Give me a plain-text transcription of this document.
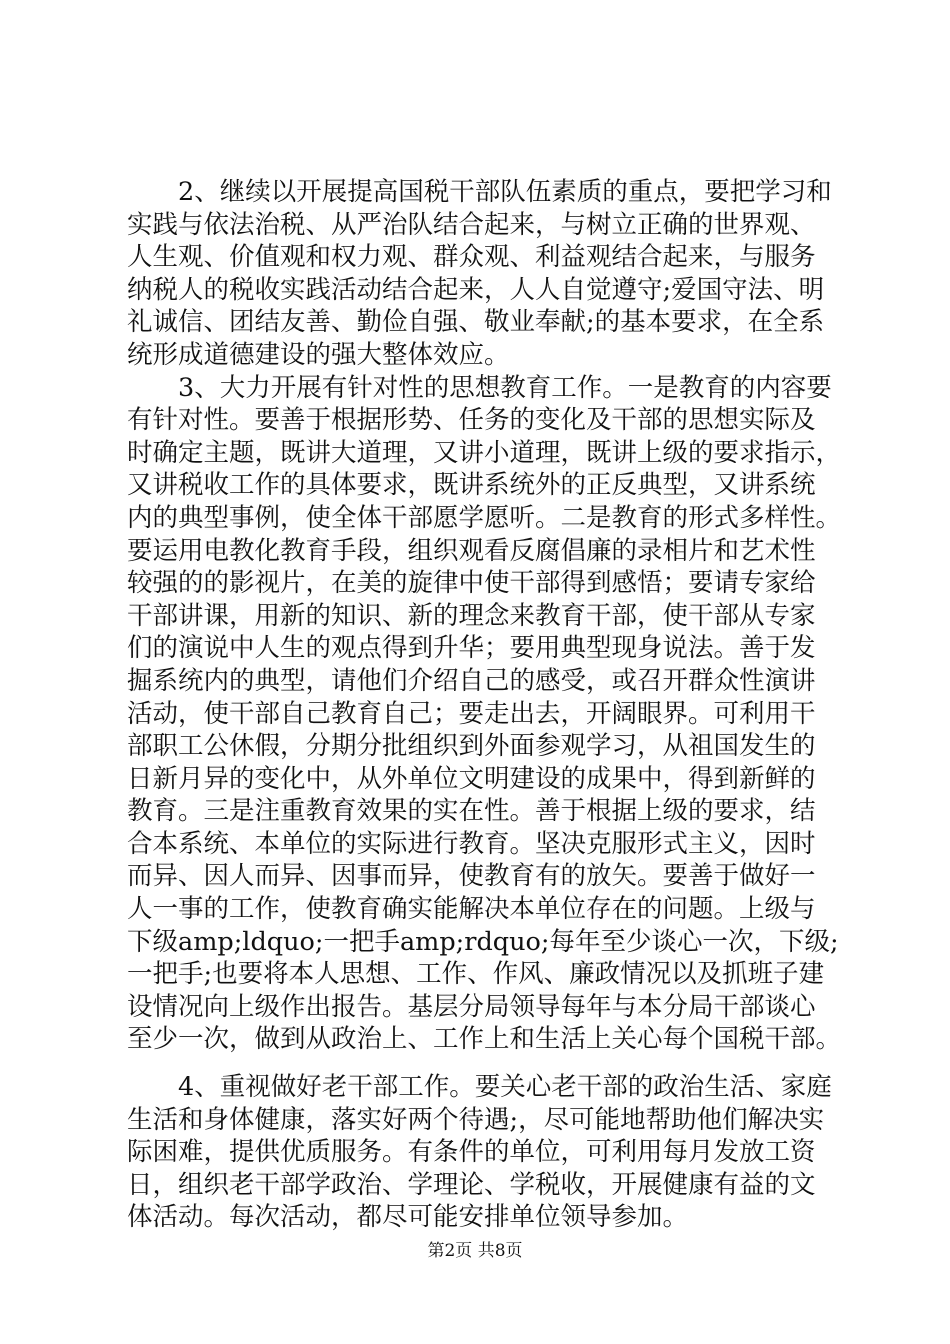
　　2、继续以开展提高国税干部队伍素质的重点，要把学习和
实践与依法治税、从严治队结合起来，与树立正确的世界观、
人生观、价值观和权力观、群众观、利益观结合起来，与服务
纳税人的税收实践活动结合起来，人人自觉遵守;爱国守法、明
礼诚信、团结友善、勤俭自强、敬业奉献;的基本要求，在全系
统形成道德建设的强大整体效应。
　　3、大力开展有针对性的思想教育工作。一是教育的内容要
有针对性。要善于根据形势、任务的变化及干部的思想实际及
时确定主题，既讲大道理，又讲小道理，既讲上级的要求指示，
又讲税收工作的具体要求，既讲系统外的正反典型，又讲系统
内的典型事例，使全体干部愿学愿听。二是教育的形式多样性。
要运用电教化教育手段，组织观看反腐倡廉的录相片和艺术性
较强的的影视片，在美的旋律中使干部得到感悟；要请专家给
干部讲课，用新的知识、新的理念来教育干部，使干部从专家
们的演说中人生的观点得到升华；要用典型现身说法。善于发
掘系统内的典型，请他们介绍自己的感受，或召开群众性演讲
活动，使干部自己教育自己；要走出去，开阔眼界。可利用干
部职工公休假，分期分批组织到外面参观学习，从祖国发生的
日新月异的变化中，从外单位文明建设的成果中，得到新鲜的
教育。三是注重教育效果的实在性。善于根据上级的要求，结
合本系统、本单位的实际进行教育。坚决克服形式主义，因时
而异、因人而异、因事而异，使教育有的放矢。要善于做好一
人一事的工作，使教育确实能解决本单位存在的问题。上级与
下级amp;ldquo;一把手amp;rdquo;每年至少谈心一次，下级;
一把手;也要将本人思想、工作、作风、廉政情况以及抓班子建
设情况向上级作出报告。基层分局领导每年与本分局干部谈心
至少一次，做到从政治上、工作上和生活上关心每个国税干部。
　　4、重视做好老干部工作。要关心老干部的政治生活、家庭
生活和身体健康，落实好两个待遇;，尽可能地帮助他们解决实
际困难，提供优质服务。有条件的单位，可利用每月发放工资
日，组织老干部学政治、学理论、学税收，开展健康有益的文
体活动。每次活动，都尽可能安排单位领导参加。
第2页 共8页
